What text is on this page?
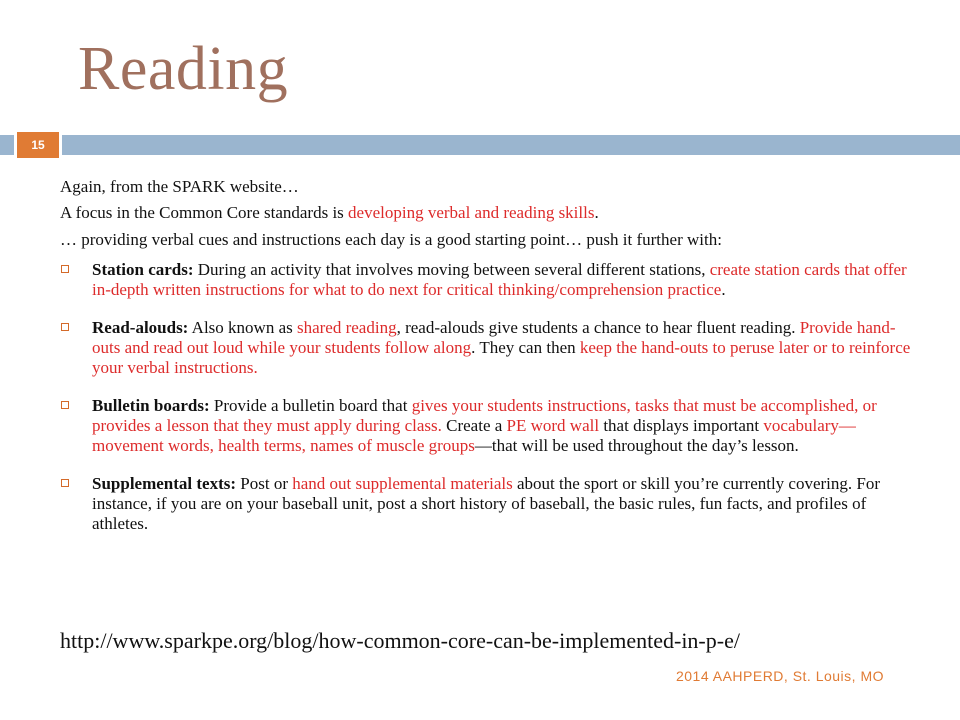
Reading
15

Again, from the SPARK website…

A focus in the Common Core standards is developing verbal and reading skills.

… providing verbal cues and instructions each day is a good starting point… push it further with:

Station cards: During an activity that involves moving between several different stations, create station cards that offer in-depth written instructions for what to do next for critical thinking/comprehension practice.
Read-alouds: Also known as shared reading, read-alouds give students a chance to hear fluent reading. Provide hand-outs and read out loud while your students follow along. They can then keep the hand-outs to peruse later or to reinforce your verbal instructions.
Bulletin boards: Provide a bulletin board that gives your students instructions, tasks that must be accomplished, or provides a lesson that they must apply during class. Create a PE word wall that displays important vocabulary—movement words, health terms, names of muscle groups—that will be used throughout the day’s lesson.
Supplemental texts: Post or hand out supplemental materials about the sport or skill you’re currently covering. For instance, if you are on your baseball unit, post a short history of baseball, the basic rules, fun facts, and profiles of athletes.
http://www.sparkpe.org/blog/how-common-core-can-be-implemented-in-p-e/
2014 AAHPERD, St. Louis, MO
